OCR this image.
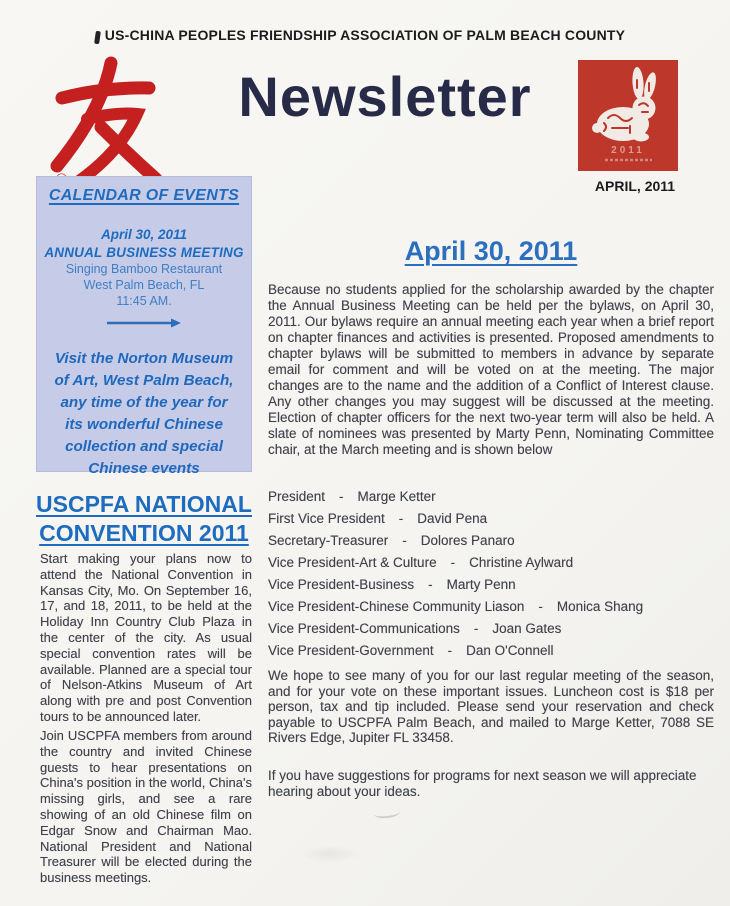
US-CHINA PEOPLES FRIENDSHIP ASSOCIATION OF PALM BEACH COUNTY
Newsletter
2011
APRIL, 2011
CALENDAR OF EVENTS
April 30, 2011
ANNUAL BUSINESS MEETING
Singing Bamboo Restaurant
West Palm Beach, FL
11:45 AM.
Visit the Norton Museum of Art, West Palm Beach, any time of the year for its wonderful Chinese collection and special Chinese events
USCPFA NATIONAL CONVENTION 2011
Start making your plans now to attend the National Convention in Kansas City, Mo. On September 16, 17, and 18, 2011, to be held at the Holiday Inn Country Club Plaza in the center of the city. As usual special convention rates will be available. Planned are a special tour of Nelson-Atkins Museum of Art along with pre and post Convention tours to be announced later.
Join USCPFA members from around the country and invited Chinese guests to hear presentations on China's position in the world, China's missing girls, and see a rare showing of an old Chinese film on Edgar Snow and Chairman Mao. National President and National Treasurer will be elected during the business meetings.
April 30, 2011
Because no students applied for the scholarship awarded by the chapter the Annual Business Meeting can be held per the bylaws, on April 30, 2011. Our bylaws require an annual meeting each year when a brief report on chapter finances and activities is presented. Proposed amendments to chapter bylaws will be submitted to members in advance by separate email for comment and will be voted on at the meeting. The major changes are to the name and the addition of a Conflict of Interest clause. Any other changes you may suggest will be discussed at the meeting. Election of chapter officers for the next two-year term will also be held. A slate of nominees was presented by Marty Penn, Nominating Committee chair, at the March meeting and is shown below
President - Marge Ketter
First Vice President - David Pena
Secretary-Treasurer - Dolores Panaro
Vice President-Art & Culture - Christine Aylward
Vice President-Business - Marty Penn
Vice President-Chinese Community Liason - Monica Shang
Vice President-Communications - Joan Gates
Vice President-Government - Dan O'Connell
We hope to see many of you for our last regular meeting of the season, and for your vote on these important issues. Luncheon cost is $18 per person, tax and tip included. Please send your reservation and check payable to USCPFA Palm Beach, and mailed to Marge Ketter, 7088 SE Rivers Edge, Jupiter FL 33458.
If you have suggestions for programs for next season we will appreciate hearing about your ideas.
